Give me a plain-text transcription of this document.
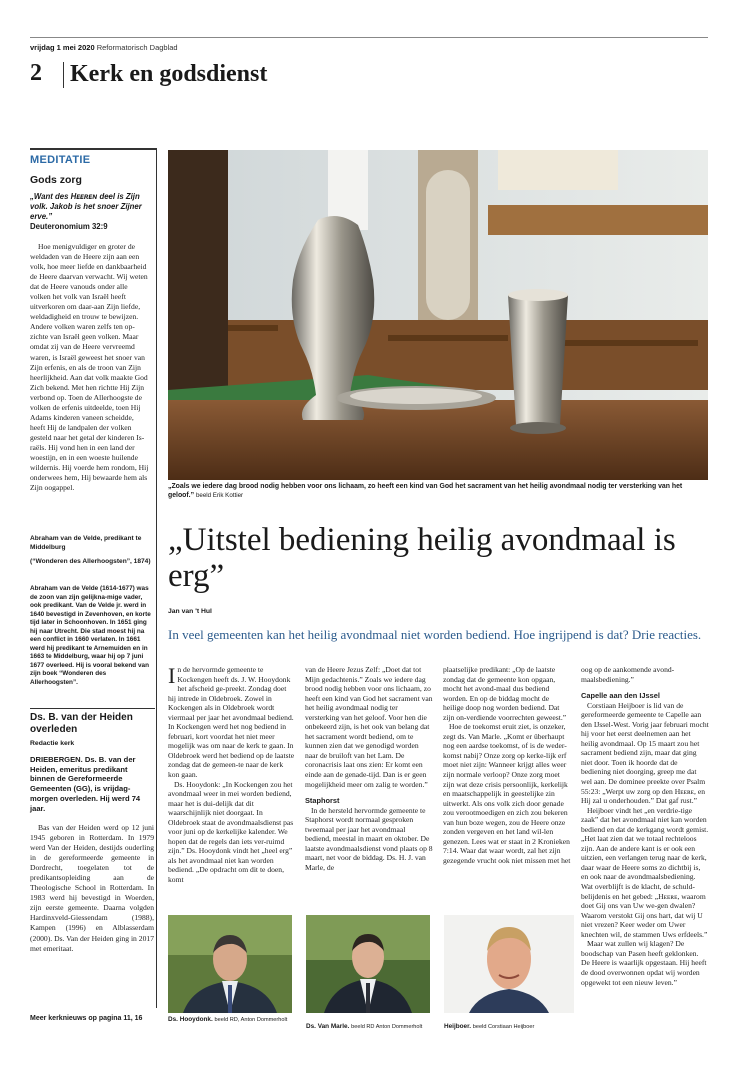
vrijdag 1 mei 2020 Reformatorisch Dagblad
2 Kerk en godsdienst
MEDITATIE
Gods zorg
„Want des Hᴇᴇʀᴇɴ deel is Zijn volk. Jakob is het snoer Zijner erve.”
Deuteronomium 32:9
Hoe menigvuldiger en groter de weldaden van de Heere zijn aan een volk, hoe meer liefde en dankbaarheid de Heere daarvan verwacht. Wij weten dat de Heere vanouds onder alle volken het volk van Israël heeft uitverkoren om daar-aan Zijn liefde, weldadigheid en trouw te bewijzen. Andere volken waren zelfs ten op-zichte van Israël geen volken. Maar omdat zij van de Heere vervreemd waren, is Israël geweest het snoer van Zijn erfenis, en als de troon van Zijn heerlijkheid. Aan dat volk maakte God Zich bekend. Met hen richtte Hij Zijn verbond op. Toen de Allerhoogste de volken de erfenis uitdeelde, toen Hij Adams kinderen vaneen scheidde, heeft Hij de landpalen der volken gesteld naar het getal der kinderen Is-raëls. Hij vond hen in een land der woestijn, en in een woeste huilende wildernis. Hij voerde hem rondom, Hij onderwees hem, Hij bewaarde hem als Zijn oogappel.
Abraham van de Velde, predikant te Middelburg
(“Wonderen des Allerhoogsten”, 1874)
Abraham van de Velde (1614-1677) was de zoon van zijn gelijkna-mige vader, ook predikant. Van de Velde jr. werd in 1640 bevestigd in Zevenhoven, en korte tijd later in Schoonhoven. In 1651 ging hij naar Utrecht. Die stad moest hij na een conflict in 1660 verlaten. In 1661 werd hij predikant te Arnemuiden en in 1663 te Middelburg, waar hij op 7 juni 1677 overleed. Hij is vooral bekend van zijn boek “Wonderen des Allerhoogsten”.
Ds. B. van der Heiden overleden
Redactie kerk
DRIEBERGEN. Ds. B. van der Heiden, emeritus predikant binnen de Gereformeerde Gemeenten (GG), is vrijdag-morgen overleden. Hij werd 74 jaar.
Bas van der Heiden werd op 12 juni 1945 geboren in Rotterdam. In 1979 werd Van der Heiden, destijds ouderling in de gereformeerde gemeente in Dordrecht, toegelaten tot de predikantsopleiding aan de Theologische School in Rotterdam. In 1983 werd hij bevestigd in Woerden, zijn eerste gemeente. Daarna volgden Hardinxveld-Giessendam (1988), Kampen (1996) en Alblasserdam (2000). Ds. Van der Heiden ging in 2017 met emeritaat.
Meer kerknieuws op pagina 11, 16
„Zoals we iedere dag brood nodig hebben voor ons lichaam, zo heeft een kind van God het sacrament van het heilig avondmaal nodig ter versterking van het geloof.” beeld Erik Kottier
„Uitstel bediening heilig avondmaal is erg”
Jan van 't Hul
In veel gemeenten kan het heilig avondmaal niet worden bediend. Hoe ingrijpend is dat? Drie reacties.

In de hervormde gemeente te Kockengen heeft ds. J. W. Hooydonk het afscheid ge-preekt. Zondag doet hij intrede in Oldebroek. Zowel in Kockengen als in Oldebroek wordt viermaal per jaar het avondmaal bediend. In Kockengen werd het nog bediend in februari, kort voordat het niet meer mogelijk was om naar de kerk te gaan. In Oldebroek werd het bediend op de laatste zondag dat de gemeen-te naar de kerk kon gaan.

Ds. Hooydonk: „In Kockengen zou het avondmaal weer in mei worden bediend, maar het is dui-delijk dat dit waarschijnlijk niet doorgaat. In Oldebroek staat de avondmaalsdienst pas voor juni op de kerkelijke kalender. We hopen dat de regels dan iets ver-ruimd zijn.” Ds. Hooydonk vindt het „heel erg” als het avondmaal niet kan worden bediend. „De opdracht om dit te doen, komt

van de Heere Jezus Zelf: „Doet dat tot Mijn gedachtenis.” Zoals we iedere dag brood nodig hebben voor ons lichaam, zo heeft een kind van God het sacrament van het heilig avondmaal nodig ter versterking van het geloof. Voor hen die onbekeerd zijn, is het ook van belang dat het sacrament wordt bediend, om te kunnen zien dat we genodigd worden naar de bruiloft van het Lam. De coronacrisis laat ons zien: Er komt een einde aan de genade-tijd. Dan is er geen mogelijkheid meer om zalig te worden.”

Staphorst

In de hersteld hervormde gemeente te Staphorst wordt normaal gesproken tweemaal per jaar het avondmaal bediend, meestal in maart en oktober. De laatste avondmaalsdienst vond plaats op 8 maart, net voor de biddag. Ds. H. J. van Marle, de

plaatselijke predikant: „Op de laatste zondag dat de gemeente kon opgaan, mocht het avond-maal dus bediend worden. En op de biddag mocht de heilige doop nog worden bediend. Dat zijn on-verdiende voorrechten geweest.”

Hoe de toekomst eruit ziet, is onzeker, zegt ds. Van Marle. „Komt er überhaupt nog een aardse toekomst, of is de weder-komst nabij? Onze zorg op kerke-lijk erf moet niet zijn: Wanneer krijgt alles weer zijn normale verloop? Onze zorg moet zijn wat deze crisis persoonlijk, kerkelijk en maatschappelijk in geestelijke zin uitwerkt. Als ons volk zich door genade zou verootmoedigen en zich zou bekeren van hun boze wegen, zou de Heere onze zonden vergeven en het land wil-len genezen. Lees wat er staat in 2 Kronieken 7:14. Waar dat waar wordt, zal het zijn gezegende vrucht ook niet missen met het

oog op de aankomende avond-maalsbediening.”

Capelle aan den IJssel

Corstiaan Heijboer is lid van de gereformeerde gemeente te Capelle aan den IJssel-West. Vorig jaar februari mocht hij voor het eerst deelnemen aan het heilig avondmaal. Op 15 maart zou het sacrament bediend zijn, maar dat ging niet door. Toen ik hoorde dat de bediening niet doorging, greep me dat wel aan. De dominee preekte over Psalm 55:23: „Werpt uw zorg op den Hᴇᴇʀᴇ, en Hij zal u onderhouden.” Dat gaf rust.”

Heijboer vindt het „en verdrie-tige zaak” dat het avondmaal niet kan worden bediend en dat de kerkgang wordt gemist. „Het laat zien dat we totaal rechteloos zijn. Aan de andere kant is er ook een uitzien, een verlangen terug naar de kerk, daar waar de Heere soms zo dichtbij is, en ook naar de avondmaalsbediening. Wat overblijft is de klacht, de schuld-belijdenis en het gebed: „Hᴇᴇʀᴇ, waarom doet Gij ons van Uw we-gen dwalen? Waarom verstokt Gij ons hart, dat wij U niet vrezen? Keer weder om Uwer knechten wil, de stammen Uws erfdeels.”

Maar wat zullen wij klagen? De boodschap van Pasen heeft geklonken. De Heere is waarlijk opgestaan. Hij heeft de dood overwonnen opdat wij worden opgewekt tot een nieuw leven.”

Ds. Hooydonk. beeld RD, Anton Dommerholt
Ds. Van Marle. beeld RD Anton Dommerholt	Heijboer. beeld Corstiaan Heijboer
